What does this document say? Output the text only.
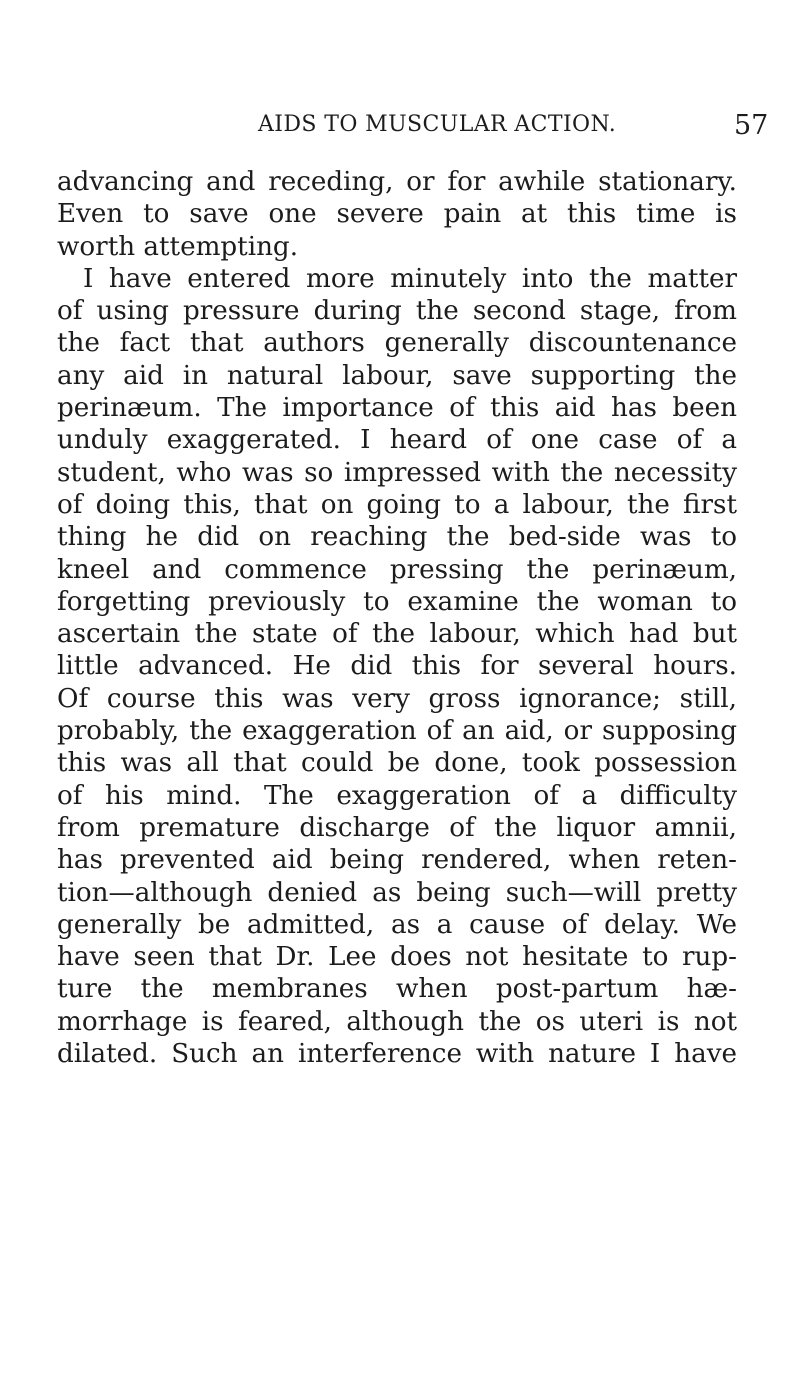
AIDS TO MUSCULAR ACTION.	57
advancing and receding, or for awhile stationary.
Even to save one severe pain at this time is
worth attempting.
I have entered more minutely into the matter
of using pressure during the second stage, from
the fact that authors generally discountenance
any aid in natural labour, save supporting the
perinæum. The importance of this aid has been
unduly exaggerated. I heard of one case of a
student, who was so impressed with the necessity
of doing this, that on going to a labour, the first
thing he did on reaching the bed-side was to
kneel and commence pressing the perinæum,
forgetting previously to examine the woman to
ascertain the state of the labour, which had but
little advanced. He did this for several hours.
Of course this was very gross ignorance; still,
probably, the exaggeration of an aid, or supposing
this was all that could be done, took possession
of his mind. The exaggeration of a difficulty
from premature discharge of the liquor amnii,
has prevented aid being rendered, when reten-
tion—although denied as being such—will pretty
generally be admitted, as a cause of delay. We
have seen that Dr. Lee does not hesitate to rup-
ture the membranes when post-partum hæ-
morrhage is feared, although the os uteri is not
dilated. Such an interference with nature I have
